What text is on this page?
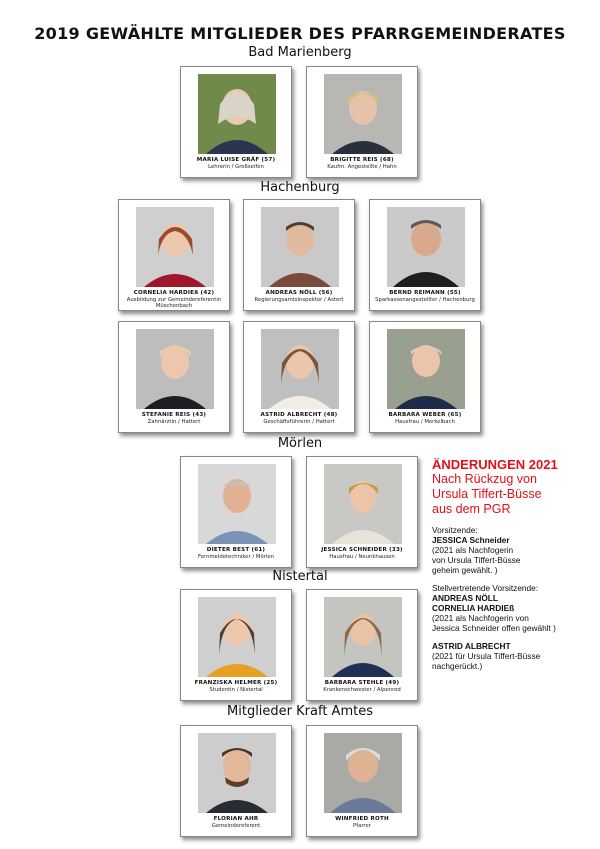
2019 GEWÄHLTE MITGLIEDER DES PFARRGEMEINDERATES
Bad Marienberg
MARIA LUISE GRÄF (57)
Lehrerin / Großseifen
BRIGITTE REIS (68)
Kaufm. Angestellte / Hahn
Hachenburg
CORNELIA HARDIEß (42)
Ausbildung zur Gemeindereferentin
Müschenbach
ANDREAS NÖLL (56)
Regierungsamtsinspektor / Astert
BERND REIMANN (55)
Sparkassenangestellter / Hachenburg
STEFANIE REIS (43)
Zahnärztin / Hattert
ASTRID ALBRECHT (48)
Geschäftsführerin / Hattert
BARBARA WEBER (65)
Hausfrau / Merkelbach
Mörlen
DIETER BEST (61)
Fernmeldetechniker / Mörlen
JESSICA SCHNEIDER (33)
Hausfrau / Neunkhausen
Nistertal
FRANZISKA HELMER (25)
Studentin / Nistertal
BARBARA STEHLE (49)
Krankenschwester / Alpenrod
Mitglieder Kraft Amtes
FLORIAN AHR
Gemeindereferent
WINFRIED ROTH
Pfarrer
ÄNDERUNGEN 2021
Nach Rückzug von
Ursula Tiffert-Büsse
aus dem PGR
Vorsitzende:
JESSICA Schneider
(2021 als Nachfogerin
von Ursula Tiffert-Büsse
geheim gewählt. )
Stellvertretende Vorsitzende:
ANDREAS NÖLL
CORNELIA HARDIEß
(2021 als Nachfogerin von
Jessica Schneider offen gewählt )
ASTRID ALBRECHT
(2021 für Ursula Tiffert-Büsse
nachgerückt.)
